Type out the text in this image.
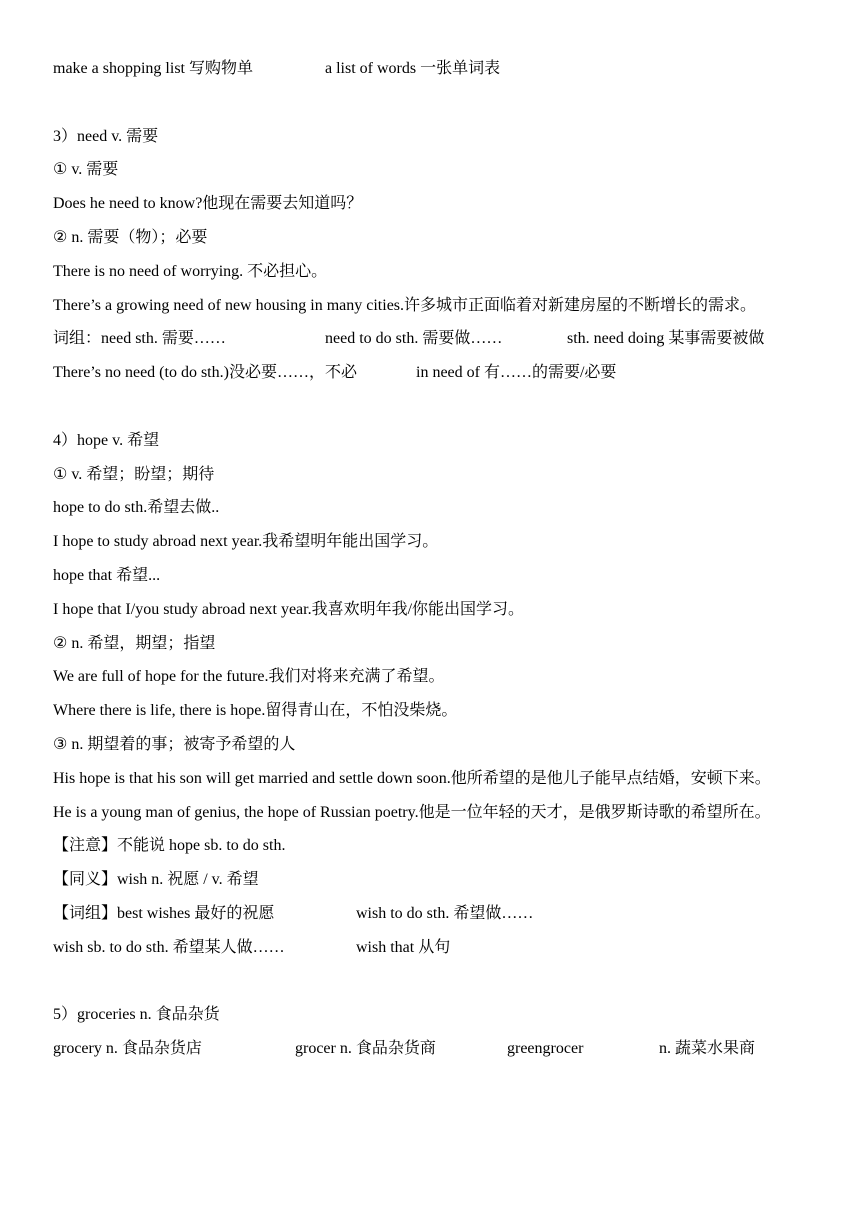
make a shopping list 写购物单	a list of words 一张单词表
3）need v. 需要
① v. 需要
Does he need to know?他现在需要去知道吗？
② n. 需要（物）；必要
There is no need of worrying. 不必担心。
There’s a growing need of new housing in many cities.许多城市正面临着对新建房屋的不断增长的需求。
词组：need sth. 需要……	need to do sth. 需要做……	sth. need doing 某事需要被做
There’s no need (to do sth.)没必要……，不必	in need of 有……的需要/必要
4）hope v. 希望
① v. 希望；盼望；期待
hope to do sth.希望去做..
I hope to study abroad next year.我希望明年能出国学习。
hope that 希望...
I hope that I/you study abroad next year.我喜欢明年我/你能出国学习。
② n. 希望，期望；指望
We are full of hope for the future.我们对将来充满了希望。
Where there is life, there is hope.留得青山在，不怕没柴烧。
③ n. 期望着的事；被寄予希望的人
His hope is that his son will get married and settle down soon.他所希望的是他儿子能早点结婚，安顿下来。
He is a young man of genius, the hope of Russian poetry.他是一位年轻的天才，是俄罗斯诗歌的希望所在。
【注意】不能说 hope sb. to do sth.
【同义】wish n. 祝愿 / v. 希望
【词组】best wishes 最好的祝愿	wish to do sth. 希望做……
wish sb. to do sth. 希望某人做……	wish that 从句
5）groceries n. 食品杂货
grocery n. 食品杂货店	grocer n. 食品杂货商	greengrocer	n. 蔬菜水果商
